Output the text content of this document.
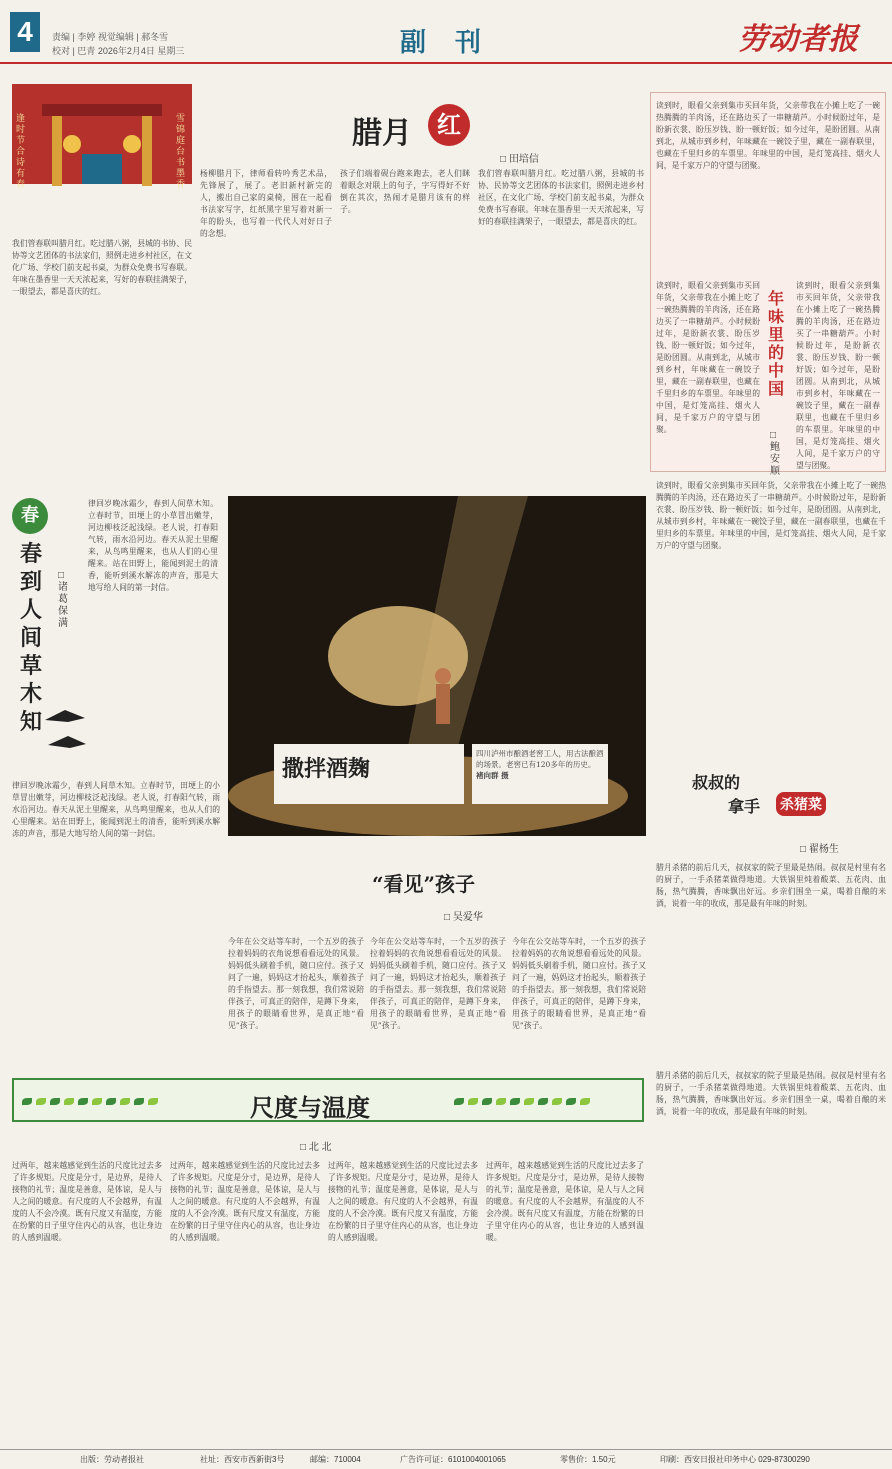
4	责编 | 李婷 视觉编辑 | 郝冬雪
校对 | 巴青 2026年2月4日 星期三	副 刊	劳动者报
逢时节合诗有春
雪锦庭台书墨香
腊月	红
□ 田培信
我们管春联叫腊月红。吃过腊八粥，县城的书协、民协等文艺团体的书法家们，照例走进乡村社区，在文化广场、学校门前支起书桌，为群众免费书写春联。年味在墨香里一天天浓起来，写好的春联挂满架子，一眼望去，都是喜庆的红。
杨柳腊月下，律师看转吟秀艺术品，先锋展了，展了。老旧新村新完的人，搬出自己家的桌椅，围在一起看书法家写字，红纸黑字里写着对新一年的盼头，也写着一代代人对好日子的念想。
孩子们端着砚台跑来跑去，老人们眯着眼念对联上的句子，字写得好不好倒在其次，热闹才是腊月该有的样子。
我们管春联叫腊月红。吃过腊八粥，县城的书协、民协等文艺团体的书法家们，照例走进乡村社区，在文化广场、学校门前支起书桌，为群众免费书写春联。年味在墨香里一天天浓起来，写好的春联挂满架子，一眼望去，都是喜庆的红。
读到时，眼看父亲到集市买回年货，父亲带我在小摊上吃了一碗热腾腾的羊肉汤，还在路边买了一串糖葫芦。小时候盼过年，是盼新衣裳、盼压岁钱、盼一顿好饭；如今过年，是盼团圆。从南到北，从城市到乡村，年味藏在一碗饺子里，藏在一副春联里，也藏在千里归乡的车票里。年味里的中国，是灯笼高挂、烟火人间，是千家万户的守望与团聚。
年味里的中国
□鲍安顺
读到时，眼看父亲到集市买回年货，父亲带我在小摊上吃了一碗热腾腾的羊肉汤，还在路边买了一串糖葫芦。小时候盼过年，是盼新衣裳、盼压岁钱、盼一顿好饭；如今过年，是盼团圆。从南到北，从城市到乡村，年味藏在一碗饺子里，藏在一副春联里，也藏在千里归乡的车票里。年味里的中国，是灯笼高挂、烟火人间，是千家万户的守望与团聚。
读到时，眼看父亲到集市买回年货，父亲带我在小摊上吃了一碗热腾腾的羊肉汤，还在路边买了一串糖葫芦。小时候盼过年，是盼新衣裳、盼压岁钱、盼一顿好饭；如今过年，是盼团圆。从南到北，从城市到乡村，年味藏在一碗饺子里，藏在一副春联里，也藏在千里归乡的车票里。年味里的中国，是灯笼高挂、烟火人间，是千家万户的守望与团聚。
读到时，眼看父亲到集市买回年货，父亲带我在小摊上吃了一碗热腾腾的羊肉汤，还在路边买了一串糖葫芦。小时候盼过年，是盼新衣裳、盼压岁钱、盼一顿好饭；如今过年，是盼团圆。从南到北，从城市到乡村，年味藏在一碗饺子里，藏在一副春联里，也藏在千里归乡的车票里。年味里的中国，是灯笼高挂、烟火人间，是千家万户的守望与团聚。
春
春到人间草木知
□诸葛保满
律回岁晚冰霜少，春到人间草木知。立春时节，田埂上的小草冒出嫩芽，河边柳枝泛起浅绿。老人说，打春阳气转，雨水沿河边。春天从泥土里醒来，从鸟鸣里醒来，也从人们的心里醒来。站在田野上，能闻到泥土的清香，能听到溪水解冻的声音，那是大地写给人间的第一封信。
律回岁晚冰霜少，春到人间草木知。立春时节，田埂上的小草冒出嫩芽，河边柳枝泛起浅绿。老人说，打春阳气转，雨水沿河边。春天从泥土里醒来，从鸟鸣里醒来，也从人们的心里醒来。站在田野上，能闻到泥土的清香，能听到溪水解冻的声音，那是大地写给人间的第一封信。
撒拌酒麹
四川泸州市酿酒老窖工人，用古法酿酒的场景。老窖已有120多年的历史。 褚向群 摄
“看见”孩子
□ 吴爱华
今年在公交站等车时，一个五岁的孩子拉着妈妈的衣角说想看看远处的风景。妈妈低头刷着手机，随口应付。孩子又问了一遍，妈妈这才抬起头，顺着孩子的手指望去。那一刻我想，我们常说陪伴孩子，可真正的陪伴，是蹲下身来，用孩子的眼睛看世界，是真正地“看见”孩子。
今年在公交站等车时，一个五岁的孩子拉着妈妈的衣角说想看看远处的风景。妈妈低头刷着手机，随口应付。孩子又问了一遍，妈妈这才抬起头，顺着孩子的手指望去。那一刻我想，我们常说陪伴孩子，可真正的陪伴，是蹲下身来，用孩子的眼睛看世界，是真正地“看见”孩子。
今年在公交站等车时，一个五岁的孩子拉着妈妈的衣角说想看看远处的风景。妈妈低头刷着手机，随口应付。孩子又问了一遍，妈妈这才抬起头，顺着孩子的手指望去。那一刻我想，我们常说陪伴孩子，可真正的陪伴，是蹲下身来，用孩子的眼睛看世界，是真正地“看见”孩子。
叔叔的
拿手 杀猪菜
□ 翟杨生
腊月杀猪的前后几天，叔叔家的院子里最是热闹。叔叔是村里有名的厨子，一手杀猪菜做得地道。大铁锅里炖着酸菜、五花肉、血肠，热气腾腾，香味飘出好远。乡亲们围坐一桌，喝着自酿的米酒，说着一年的收成，那是最有年味的时刻。
尺度与温度
□ 北 北
过两年，越来越感觉到生活的尺度比过去多了许多规矩。尺度是分寸，是边界，是待人接物的礼节；温度是善意，是体谅，是人与人之间的暖意。有尺度的人不会越界，有温度的人不会冷漠。既有尺度又有温度，方能在纷繁的日子里守住内心的从容，也让身边的人感到温暖。
过两年，越来越感觉到生活的尺度比过去多了许多规矩。尺度是分寸，是边界，是待人接物的礼节；温度是善意，是体谅，是人与人之间的暖意。有尺度的人不会越界，有温度的人不会冷漠。既有尺度又有温度，方能在纷繁的日子里守住内心的从容，也让身边的人感到温暖。
过两年，越来越感觉到生活的尺度比过去多了许多规矩。尺度是分寸，是边界，是待人接物的礼节；温度是善意，是体谅，是人与人之间的暖意。有尺度的人不会越界，有温度的人不会冷漠。既有尺度又有温度，方能在纷繁的日子里守住内心的从容，也让身边的人感到温暖。
过两年，越来越感觉到生活的尺度比过去多了许多规矩。尺度是分寸，是边界，是待人接物的礼节；温度是善意，是体谅，是人与人之间的暖意。有尺度的人不会越界，有温度的人不会冷漠。既有尺度又有温度，方能在纷繁的日子里守住内心的从容，也让身边的人感到温暖。
腊月杀猪的前后几天，叔叔家的院子里最是热闹。叔叔是村里有名的厨子，一手杀猪菜做得地道。大铁锅里炖着酸菜、五花肉、血肠，热气腾腾，香味飘出好远。乡亲们围坐一桌，喝着自酿的米酒，说着一年的收成，那是最有年味的时刻。
出版：劳动者报社	社址：西安市西新街3号	邮编：710004	广告许可证：6101004001065	零售价：1.50元	印刷：西安日报社印务中心 029-87300290
